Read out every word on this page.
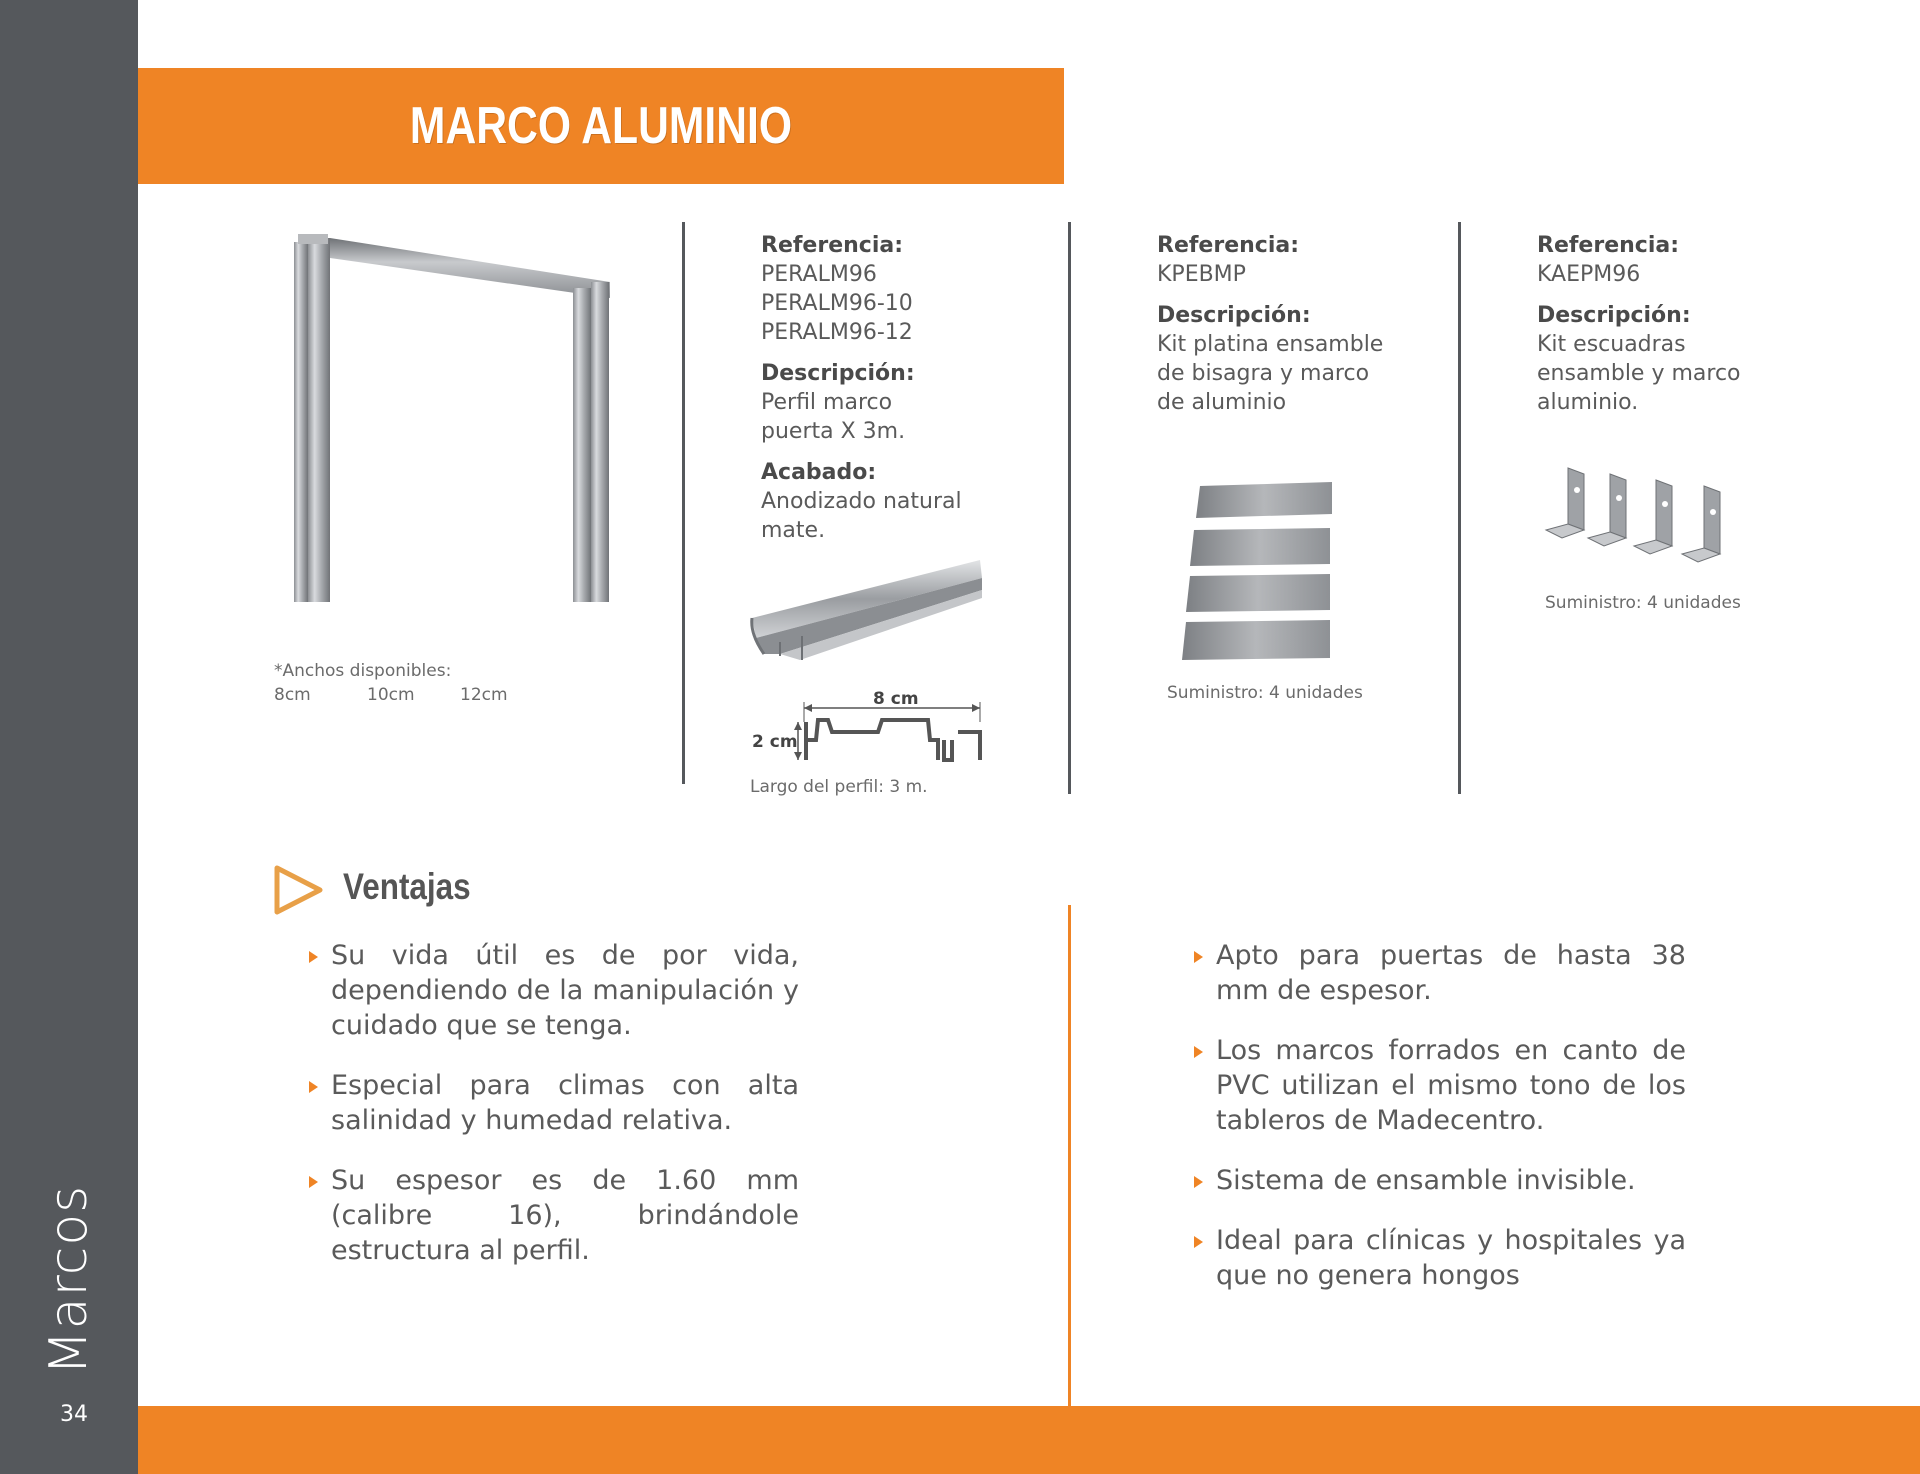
Marcos
34
MARCO ALUMINIO
*Anchos disponibles:
8cm	10cm	12cm
Referencia:
PERALM96
PERALM96-10
PERALM96-12
Descripción:
Perfil marco
puerta X 3m.
Acabado:
Anodizado natural
mate.
8 cm
2 cm
Largo del perfil: 3 m.
Referencia:
KPEBMP
Descripción:
Kit platina ensamble
de bisagra y marco
de aluminio
Suministro: 4 unidades
Referencia:
KAEPM96
Descripción:
Kit escuadras
ensamble y marco
aluminio.
Suministro: 4 unidades
Ventajas
Su vida útil es de por vida, dependiendo de la manipulación y cuidado que se tenga.
Especial para climas con alta salinidad y humedad relativa.
Su espesor es de 1.60 mm (calibre 16), brindándole estructura al perfil.
Apto para puertas de hasta 38 mm de espesor.
Los marcos forrados en canto de PVC utilizan el mismo tono de los tableros de Madecentro.
Sistema de ensamble invisible.
Ideal para clínicas y hospitales ya que no genera hongos
